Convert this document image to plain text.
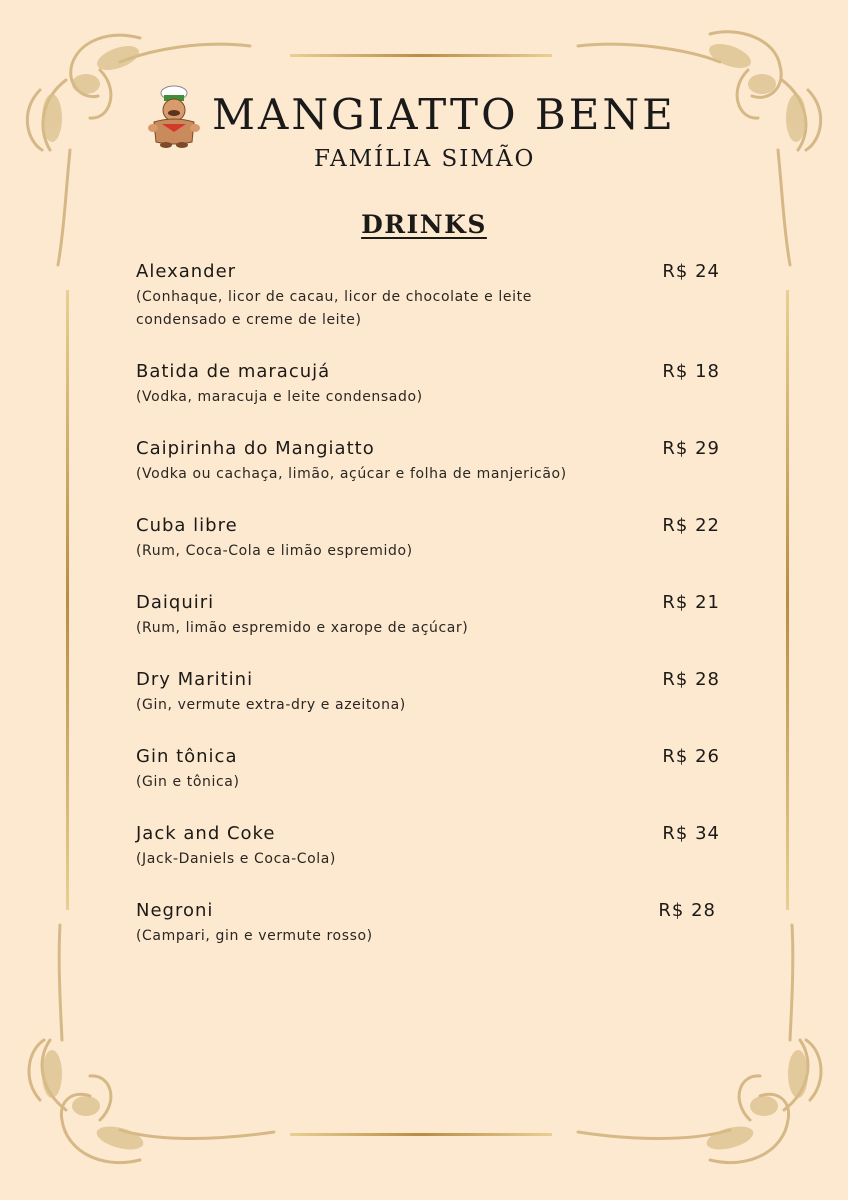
MANGIATTO BENE
FAMÍLIA SIMÃO
DRINKS
Alexander	R$ 24
(Conhaque, licor de cacau, licor de chocolate e leite condensado e creme de leite)
Batida de maracujá	R$ 18
(Vodka, maracuja e leite condensado)
Caipirinha do Mangiatto	R$ 29
(Vodka ou cachaça, limão, açúcar e folha de manjericão)
Cuba libre	R$ 22
(Rum, Coca-Cola e limão espremido)
Daiquiri	R$ 21
(Rum, limão espremido e xarope de açúcar)
Dry Maritini	R$ 28
(Gin, vermute extra-dry e azeitona)
Gin tônica	R$ 26
(Gin e tônica)
Jack and Coke	R$ 34
(Jack-Daniels e Coca-Cola)
Negroni	R$ 28
(Campari, gin e vermute rosso)
